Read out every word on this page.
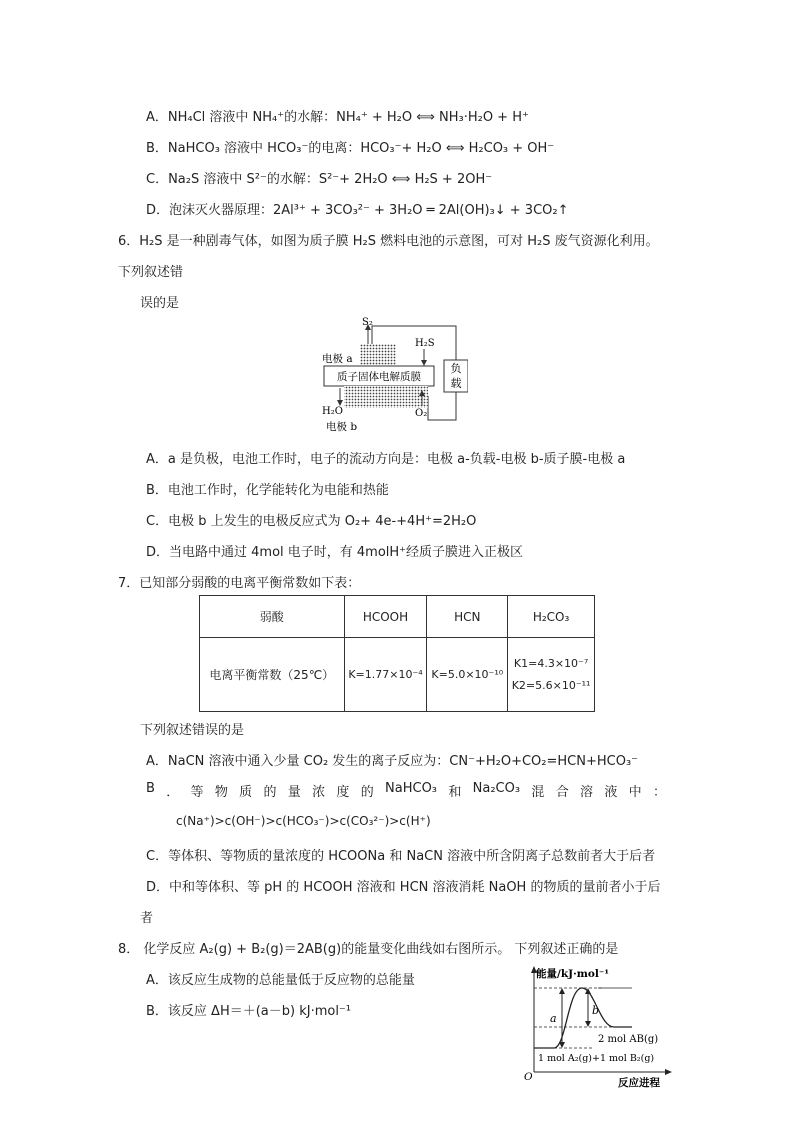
A．NH₄Cl 溶液中 NH₄⁺的水解：NH₄⁺ + H₂O ⟺ NH₃·H₂O + H⁺
B．NaHCO₃ 溶液中 HCO₃⁻的电离：HCO₃⁻+ H₂O ⟺ H₂CO₃ + OH⁻
C．Na₂S 溶液中 S²⁻的水解：S²⁻+ 2H₂O ⟺ H₂S + 2OH⁻
D．泡沫灭火器原理：2Al³⁺ + 3CO₃²⁻ + 3H₂O ═ 2Al(OH)₃↓ + 3CO₂↑
6．H₂S 是一种剧毒气体，如图为质子膜 H₂S 燃料电池的示意图，可对 H₂S 废气资源化利用。
下列叙述错
误的是
负
载
质子固体电解质膜
S₂
H₂S
电极 a
H₂O	O₂
电极 b
A．a 是负极，电池工作时，电子的流动方向是：电极 a-负载-电极 b-质子膜-电极 a
B．电池工作时，化学能转化为电能和热能
C．电极 b 上发生的电极反应式为 O₂+ 4e-+4H⁺=2H₂O
D．当电路中通过 4mol 电子时，有 4molH⁺经质子膜进入正极区
7．已知部分弱酸的电离平衡常数如下表：
弱酸	HCOOH	HCN	H₂CO₃
电离平衡常数（25℃）	K=1.77×10⁻⁴	K=5.0×10⁻¹⁰	K1=4.3×10⁻⁷
K2=5.6×10⁻¹¹
下列叙述错误的是
A．NaCN 溶液中通入少量 CO₂ 发生的离子反应为：CN⁻+H₂O+CO₂=HCN+HCO₃⁻
B ． 等 物 质 的 量 浓 度 的 NaHCO₃ 和 Na₂CO₃ 混 合 溶 液 中 ：
c(Na⁺)>c(OH⁻)>c(HCO₃⁻)>c(CO₃²⁻)>c(H⁺)
C．等体积、等物质的量浓度的 HCOONa 和 NaCN 溶液中所含阴离子总数前者大于后者
D．中和等体积、等 pH 的 HCOOH 溶液和 HCN 溶液消耗 NaOH 的物质的量前者小于后
者
8． 化学反应 A₂(g) + B₂(g)＝2AB(g)的能量变化曲线如右图所示。 下列叙述正确的是
A．该反应生成物的总能量低于反应物的总能量
B．该反应 ΔH＝＋(a－b) kJ·mol⁻¹
能量/kJ·mol⁻¹
a
b
2 mol AB(g)
1 mol A₂(g)+1 mol B₂(g)
O	反应进程
